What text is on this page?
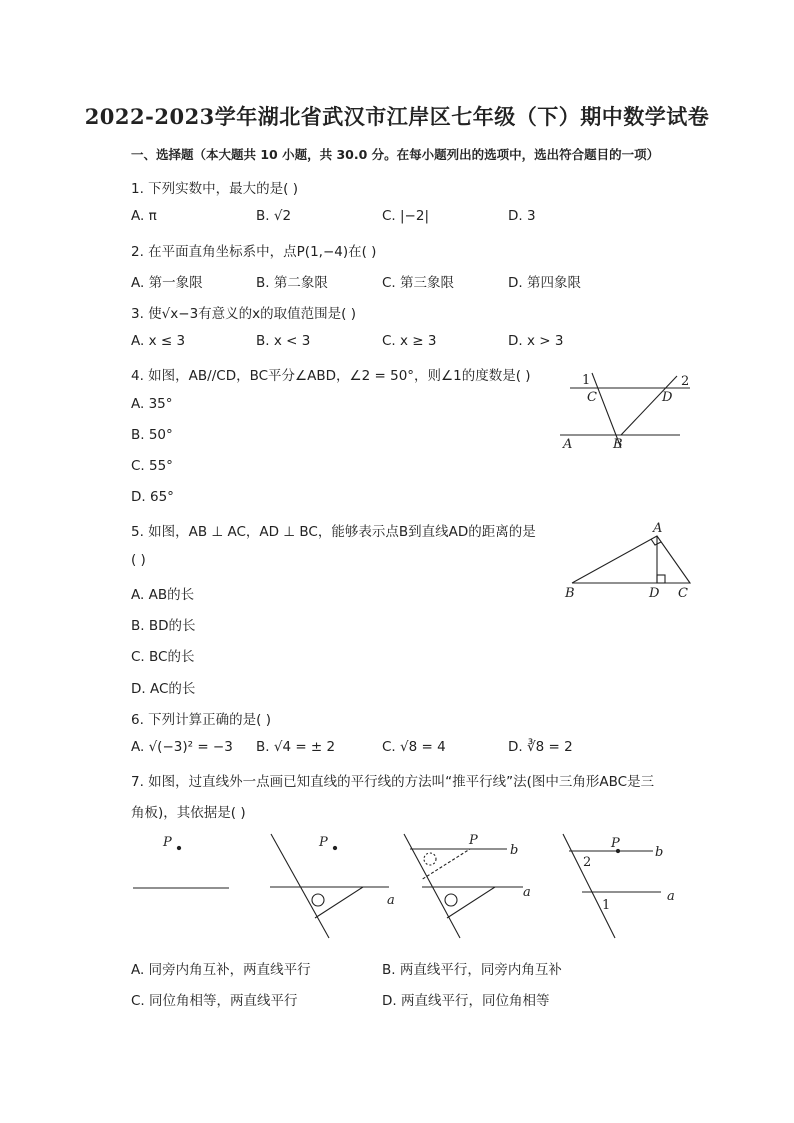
2022-2023学年湖北省武汉市江岸区七年级（下）期中数学试卷
一、选择题（本大题共 10 小题，共 30.0 分。在每小题列出的选项中，选出符合题目的一项）
1. 下列实数中，最大的是( )
A. π	B. √2	C. |−2|	D. 3
2. 在平面直角坐标系中，点P(1,−4)在( )
A. 第一象限	B. 第二象限	C. 第三象限	D. 第四象限
3. 使√x−3有意义的x的取值范围是( )
A. x ≤ 3	B. x < 3	C. x ≥ 3	D. x > 3
4. 如图，AB//CD，BC平分∠ABD，∠2 = 50°，则∠1的度数是( )
A. 35°
B. 50°
C. 55°
D. 65°
1	2
C	D
A	B
5. 如图，AB ⊥ AC，AD ⊥ BC，能够表示点B到直线AD的距离的是
( )
A. AB的长
B. BD的长
C. BC的长
D. AC的长
A
B	D C
6. 下列计算正确的是( )
A. √(−3)² = −3 B. √4 = ± 2	C. √8 = 4	D. ∛8 = 2
7. 如图，过直线外一点画已知直线的平行线的方法叫“推平行线”法(图中三角形ABC是三
角板)，其依据是( )
P	P
a
P
b
a
P
b
a
2
1
A. 同旁内角互补，两直线平行	B. 两直线平行，同旁内角互补
C. 同位角相等，两直线平行	D. 两直线平行，同位角相等
